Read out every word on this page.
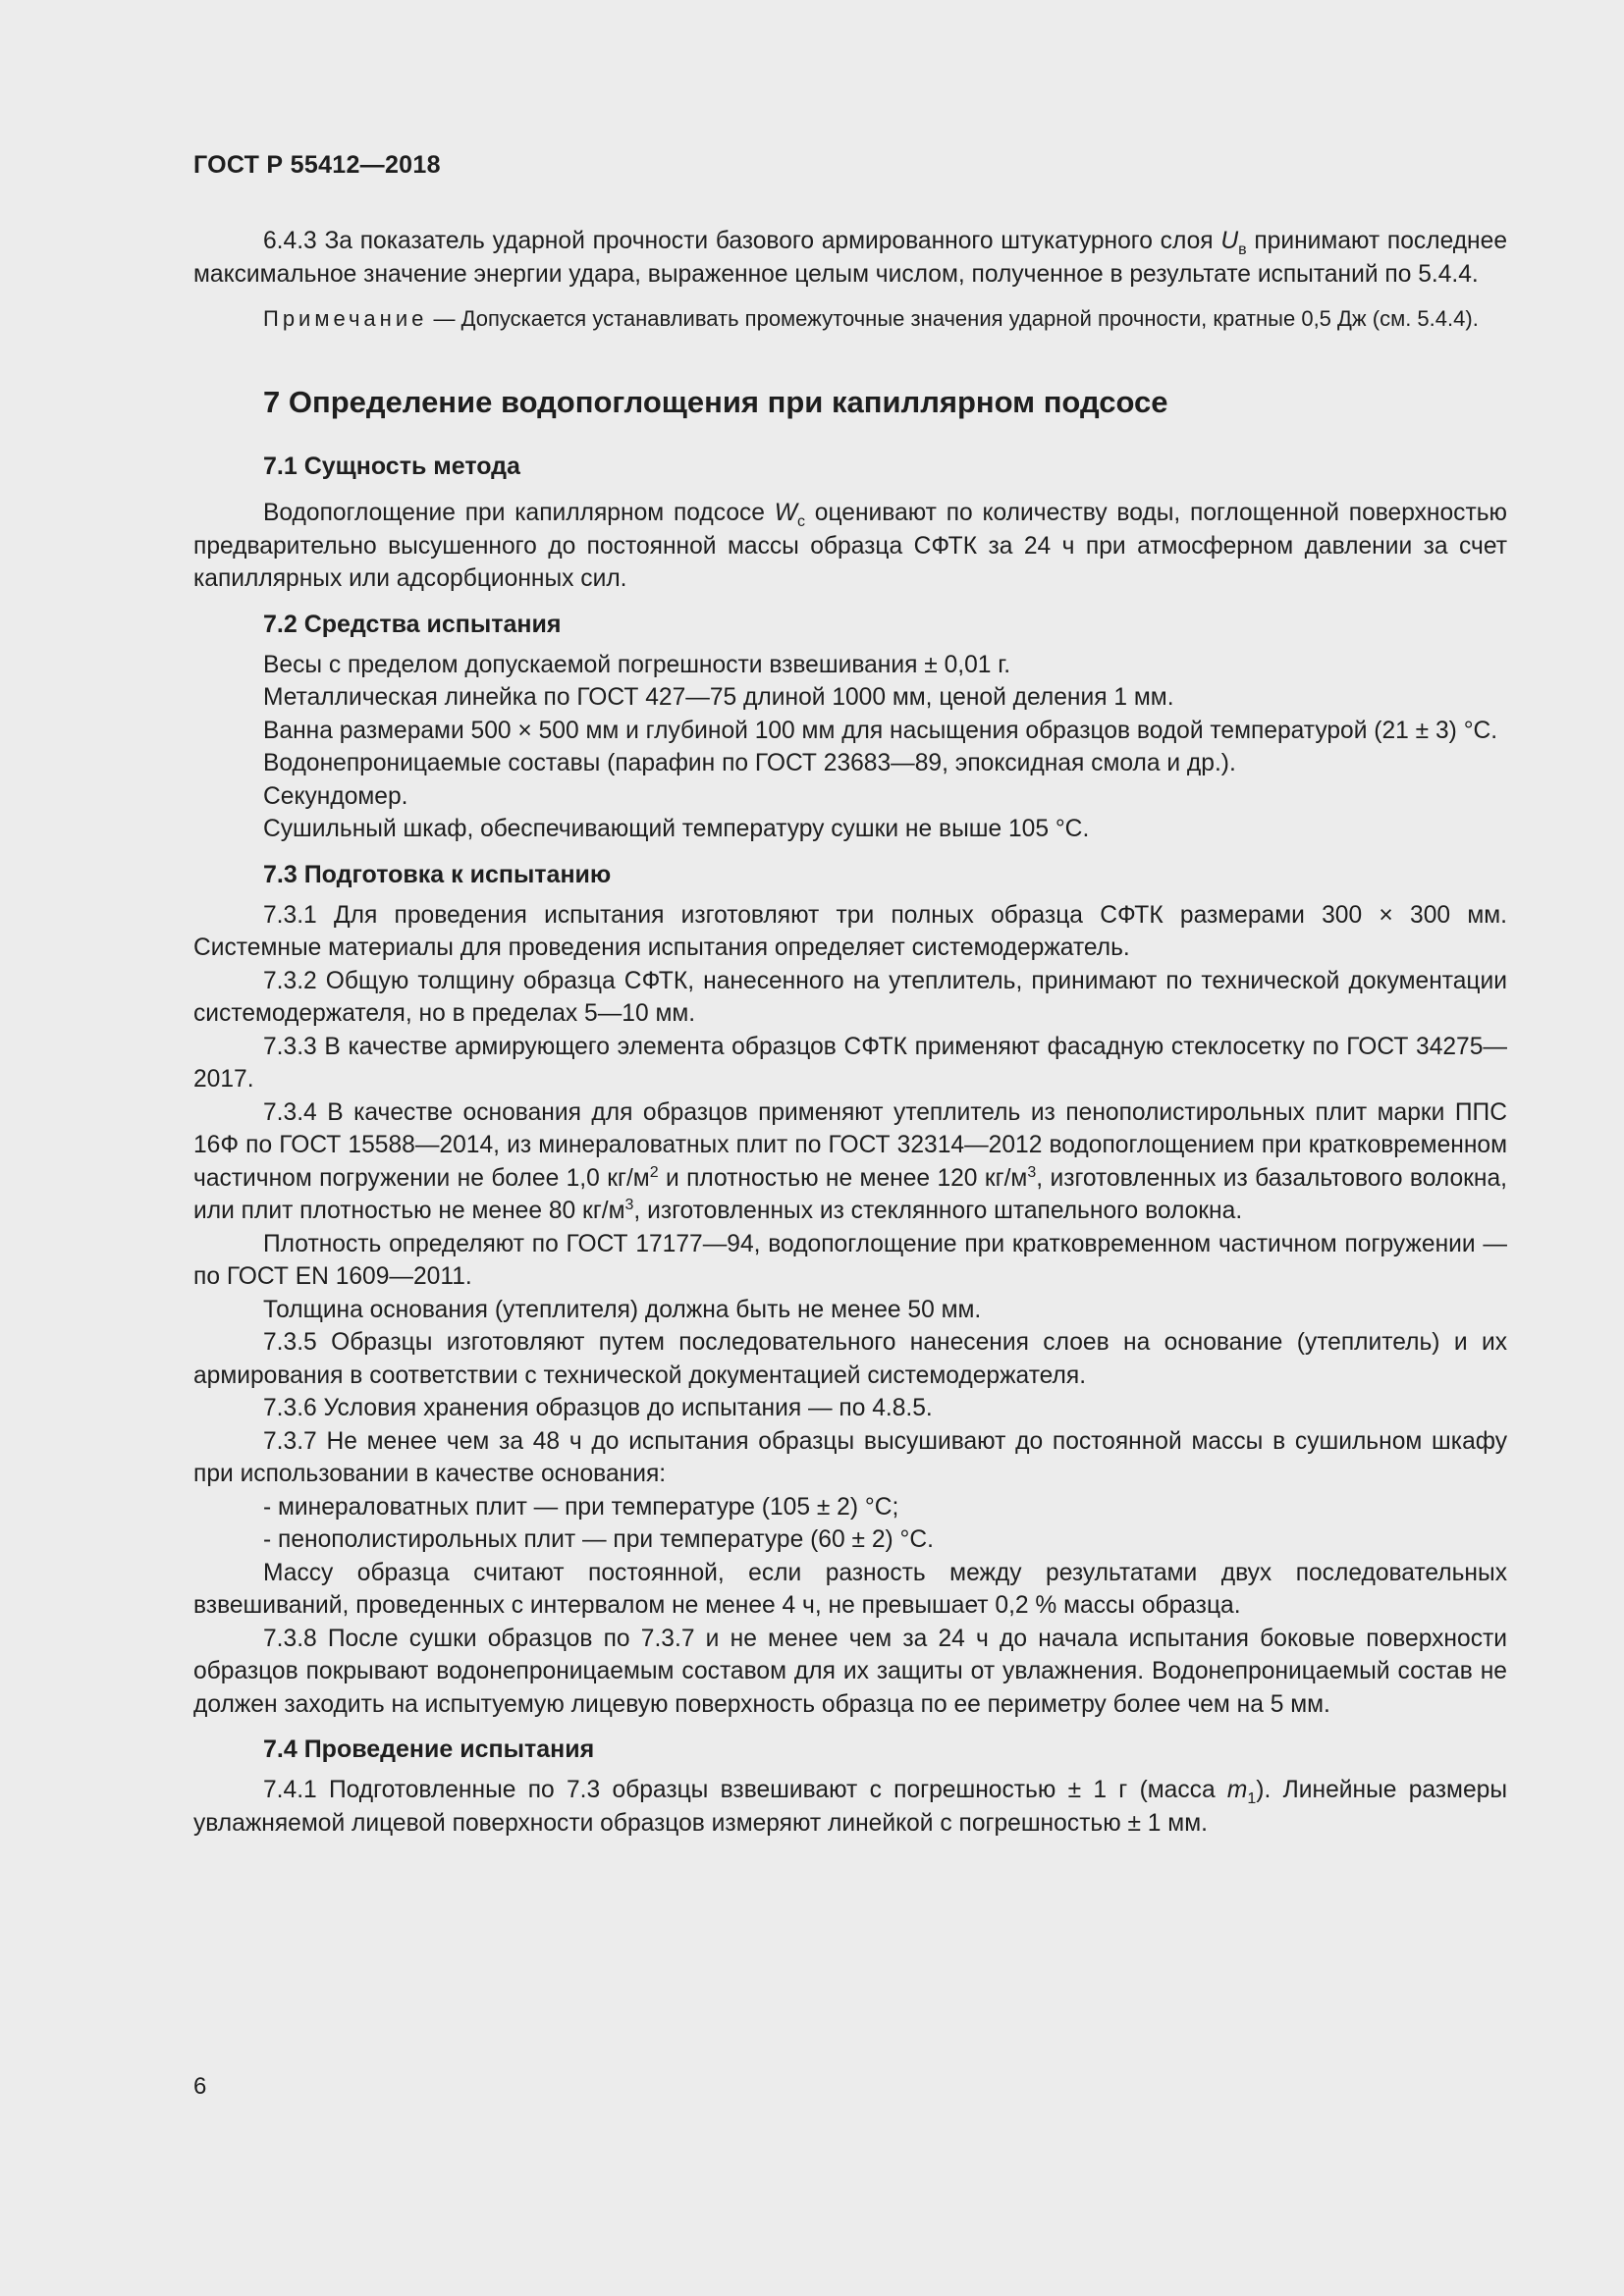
ГОСТ Р 55412—2018

6.4.3 За показатель ударной прочности базового армированного штукатурного слоя $U_в$ принимают последнее максимальное значение энергии удара, выраженное целым числом, полученное в результате испытаний по 5.4.4.

Примечание — Допускается устанавливать промежуточные значения ударной прочности, кратные 0,5 Дж (см. 5.4.4).

7 Определение водопоглощения при капиллярном подсосе
7.1 Сущность метода

Водопоглощение при капиллярном подсосе $W_с$ оценивают по количеству воды, поглощенной поверхностью предварительно высушенного до постоянной массы образца СФТК за 24 ч при атмосферном давлении за счет капиллярных или адсорбционных сил.

7.2 Средства испытания

Весы с пределом допускаемой погрешности взвешивания ± 0,01 г.

Металлическая линейка по ГОСТ 427—75 длиной 1000 мм, ценой деления 1 мм.

Ванна размерами 500 × 500 мм и глубиной 100 мм для насыщения образцов водой температурой (21 ± 3) °С.

Водонепроницаемые составы (парафин по ГОСТ 23683—89, эпоксидная смола и др.).

Секундомер.

Сушильный шкаф, обеспечивающий температуру сушки не выше 105 °С.

7.3 Подготовка к испытанию

7.3.1 Для проведения испытания изготовляют три полных образца СФТК размерами 300 × 300 мм. Системные материалы для проведения испытания определяет системодержатель.

7.3.2 Общую толщину образца СФТК, нанесенного на утеплитель, принимают по технической документации системодержателя, но в пределах 5—10 мм.

7.3.3 В качестве армирующего элемента образцов СФТК применяют фасадную стеклосетку по ГОСТ 34275—2017.

7.3.4 В качестве основания для образцов применяют утеплитель из пенополистирольных плит марки ППС 16Ф по ГОСТ 15588—2014, из минераловатных плит по ГОСТ 32314—2012 водопоглощением при кратковременном частичном погружении не более 1,0 $кг/м^2$ и плотностью не менее 120 $кг/м^3$, изготовленных из базальтового волокна, или плит плотностью не менее 80 $кг/м^3$, изготовленных из стеклянного штапельного волокна.

Плотность определяют по ГОСТ 17177—94, водопоглощение при кратковременном частичном погружении — по ГОСТ EN 1609—2011.

Толщина основания (утеплителя) должна быть не менее 50 мм.

7.3.5 Образцы изготовляют путем последовательного нанесения слоев на основание (утеплитель) и их армирования в соответствии с технической документацией системодержателя.

7.3.6 Условия хранения образцов до испытания — по 4.8.5.

7.3.7 Не менее чем за 48 ч до испытания образцы высушивают до постоянной массы в сушильном шкафу при использовании в качестве основания:

- минераловатных плит — при температуре (105 ± 2) °С;

- пенополистирольных плит — при температуре (60 ± 2) °С.

Массу образца считают постоянной, если разность между результатами двух последовательных взвешиваний, проведенных с интервалом не менее 4 ч, не превышает 0,2 % массы образца.

7.3.8 После сушки образцов по 7.3.7 и не менее чем за 24 ч до начала испытания боковые поверхности образцов покрывают водонепроницаемым составом для их защиты от увлажнения. Водонепроницаемый состав не должен заходить на испытуемую лицевую поверхность образца по ее периметру более чем на 5 мм.

7.4 Проведение испытания

7.4.1 Подготовленные по 7.3 образцы взвешивают с погрешностью ± 1 г (масса $m_1$). Линейные размеры увлажняемой лицевой поверхности образцов измеряют линейкой с погрешностью ± 1 мм.

6
